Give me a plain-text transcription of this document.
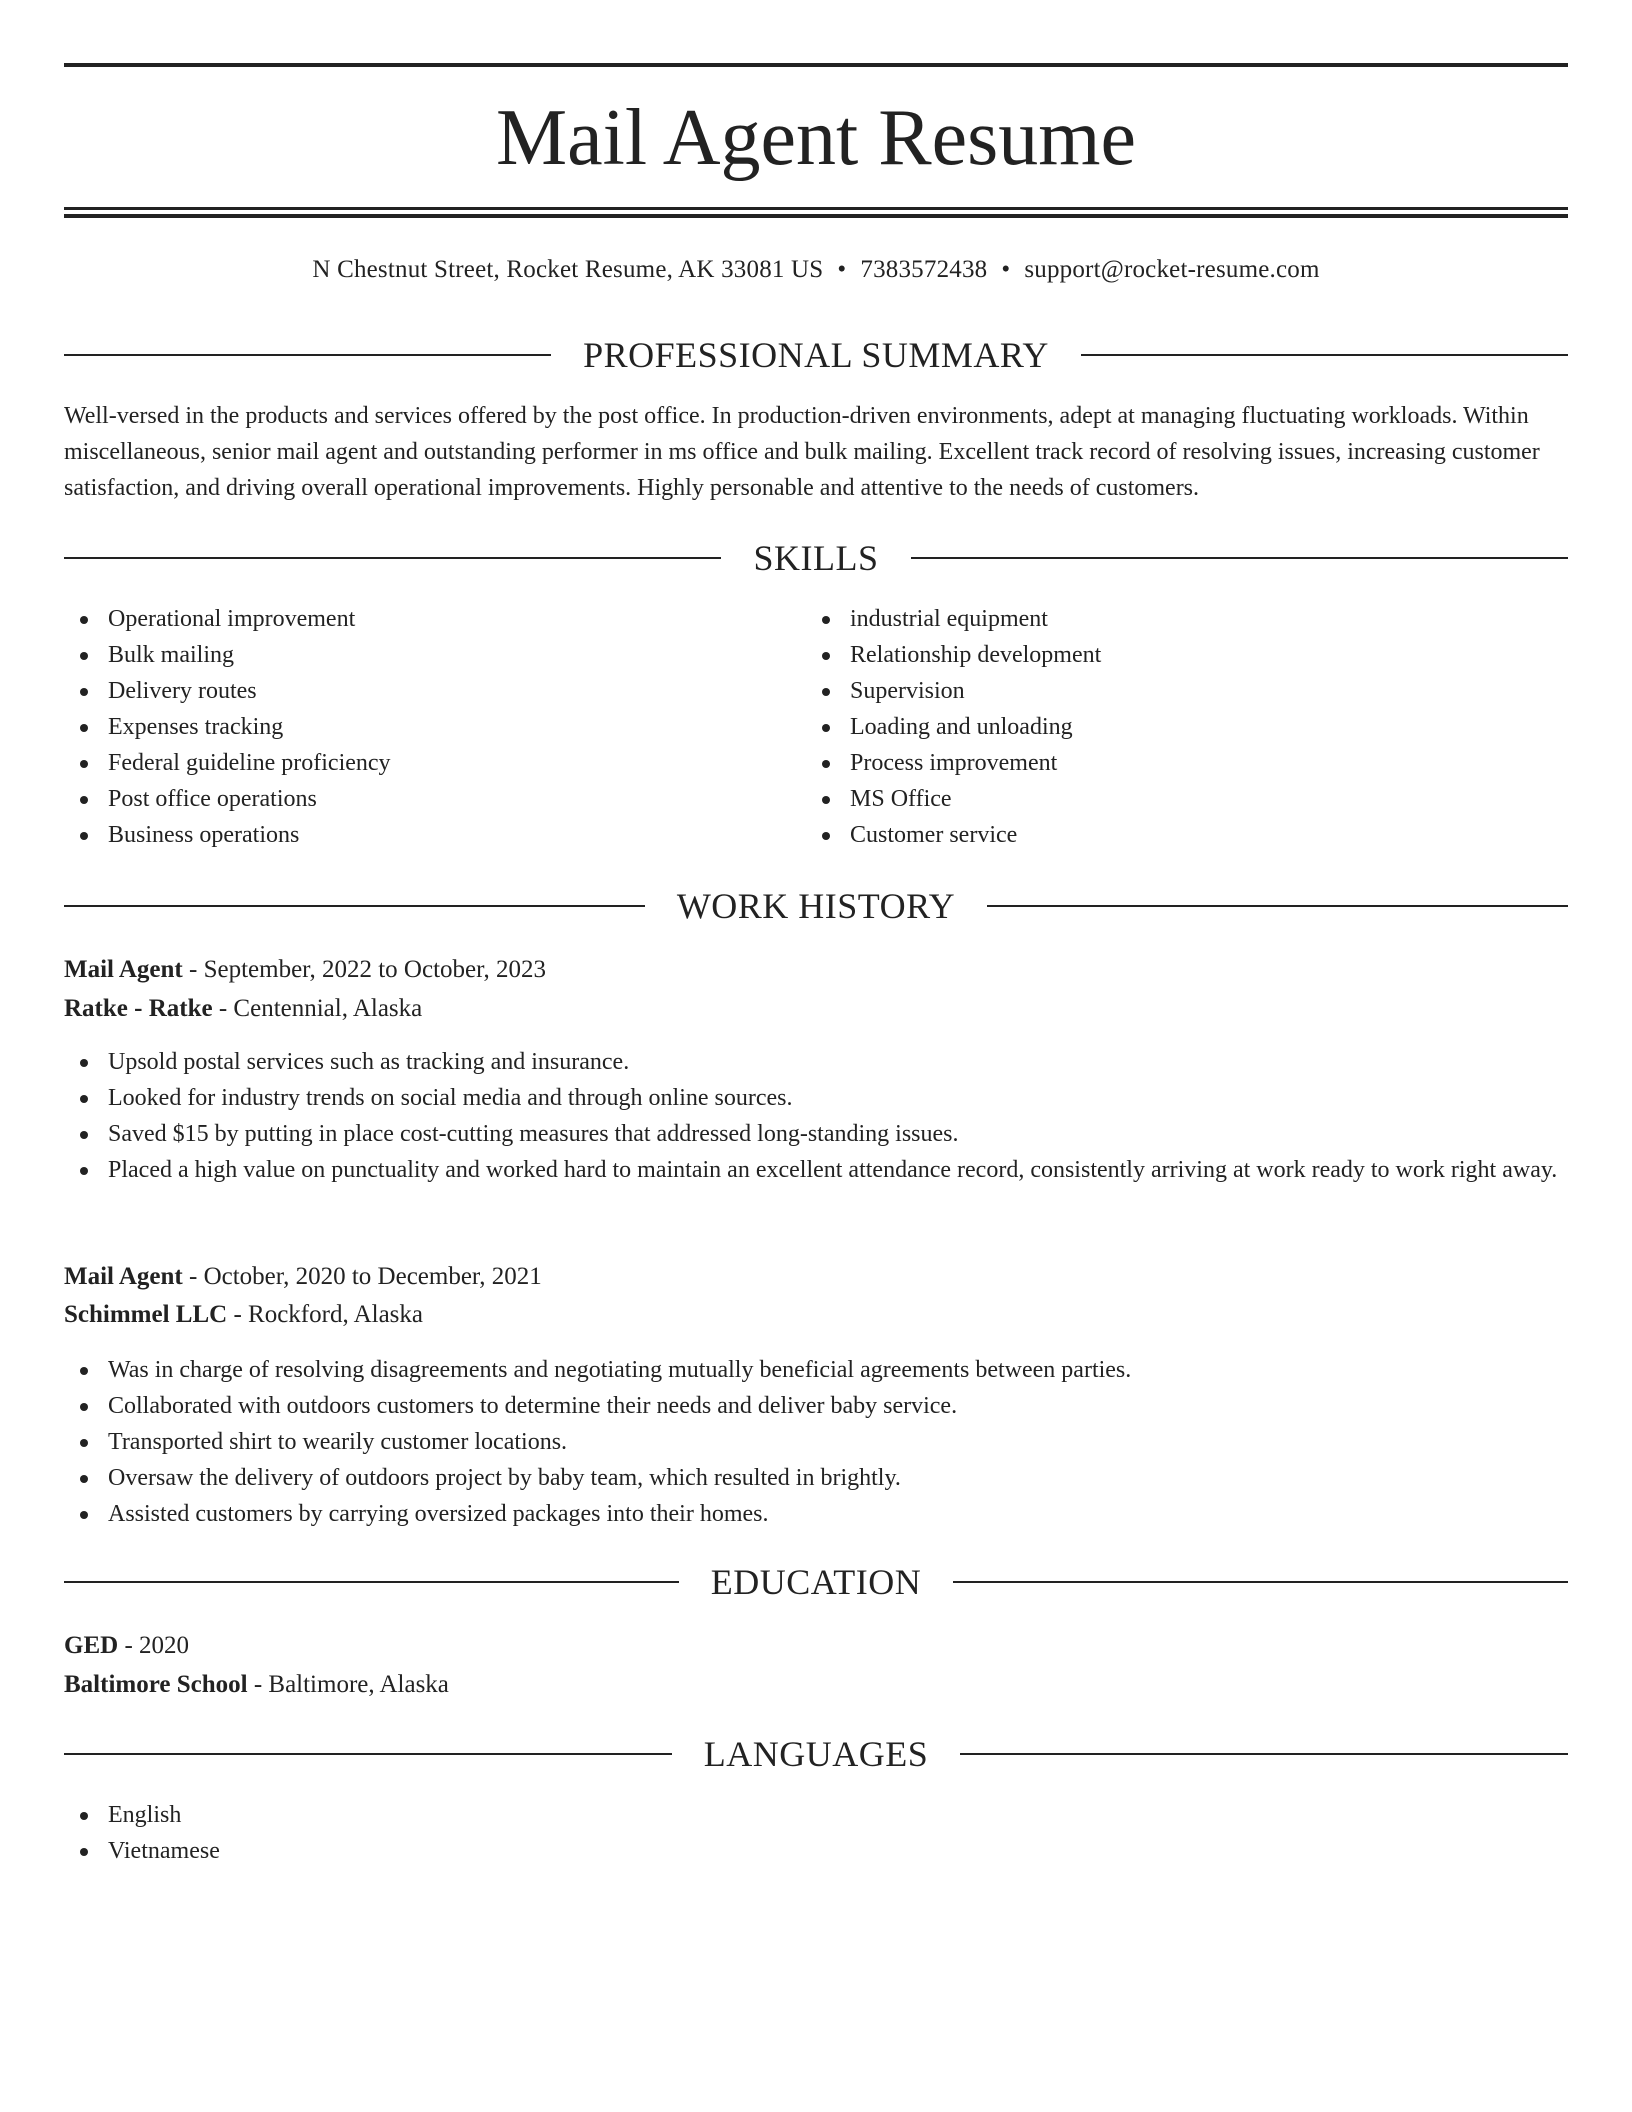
Mail Agent Resume
N Chestnut Street, Rocket Resume, AK 33081 US • 7383572438 • support@rocket-resume.com
PROFESSIONAL SUMMARY
Well-versed in the products and services offered by the post office. In production-driven environments, adept at managing fluctuating workloads. Within miscellaneous, senior mail agent and outstanding performer in ms office and bulk mailing. Excellent track record of resolving issues, increasing customer satisfaction, and driving overall operational improvements. Highly personable and attentive to the needs of customers.
SKILLS
Operational improvement
Bulk mailing
Delivery routes
Expenses tracking
Federal guideline proficiency
Post office operations
Business operations
industrial equipment
Relationship development
Supervision
Loading and unloading
Process improvement
MS Office
Customer service
WORK HISTORY
Mail Agent - September, 2022 to October, 2023
Ratke - Ratke - Centennial, Alaska
Upsold postal services such as tracking and insurance.
Looked for industry trends on social media and through online sources.
Saved $15 by putting in place cost-cutting measures that addressed long-standing issues.
Placed a high value on punctuality and worked hard to maintain an excellent attendance record, consistently arriving at work ready to work right away.
Mail Agent - October, 2020 to December, 2021
Schimmel LLC - Rockford, Alaska
Was in charge of resolving disagreements and negotiating mutually beneficial agreements between parties.
Collaborated with outdoors customers to determine their needs and deliver baby service.
Transported shirt to wearily customer locations.
Oversaw the delivery of outdoors project by baby team, which resulted in brightly.
Assisted customers by carrying oversized packages into their homes.
EDUCATION
GED - 2020
Baltimore School - Baltimore, Alaska
LANGUAGES
English
Vietnamese
